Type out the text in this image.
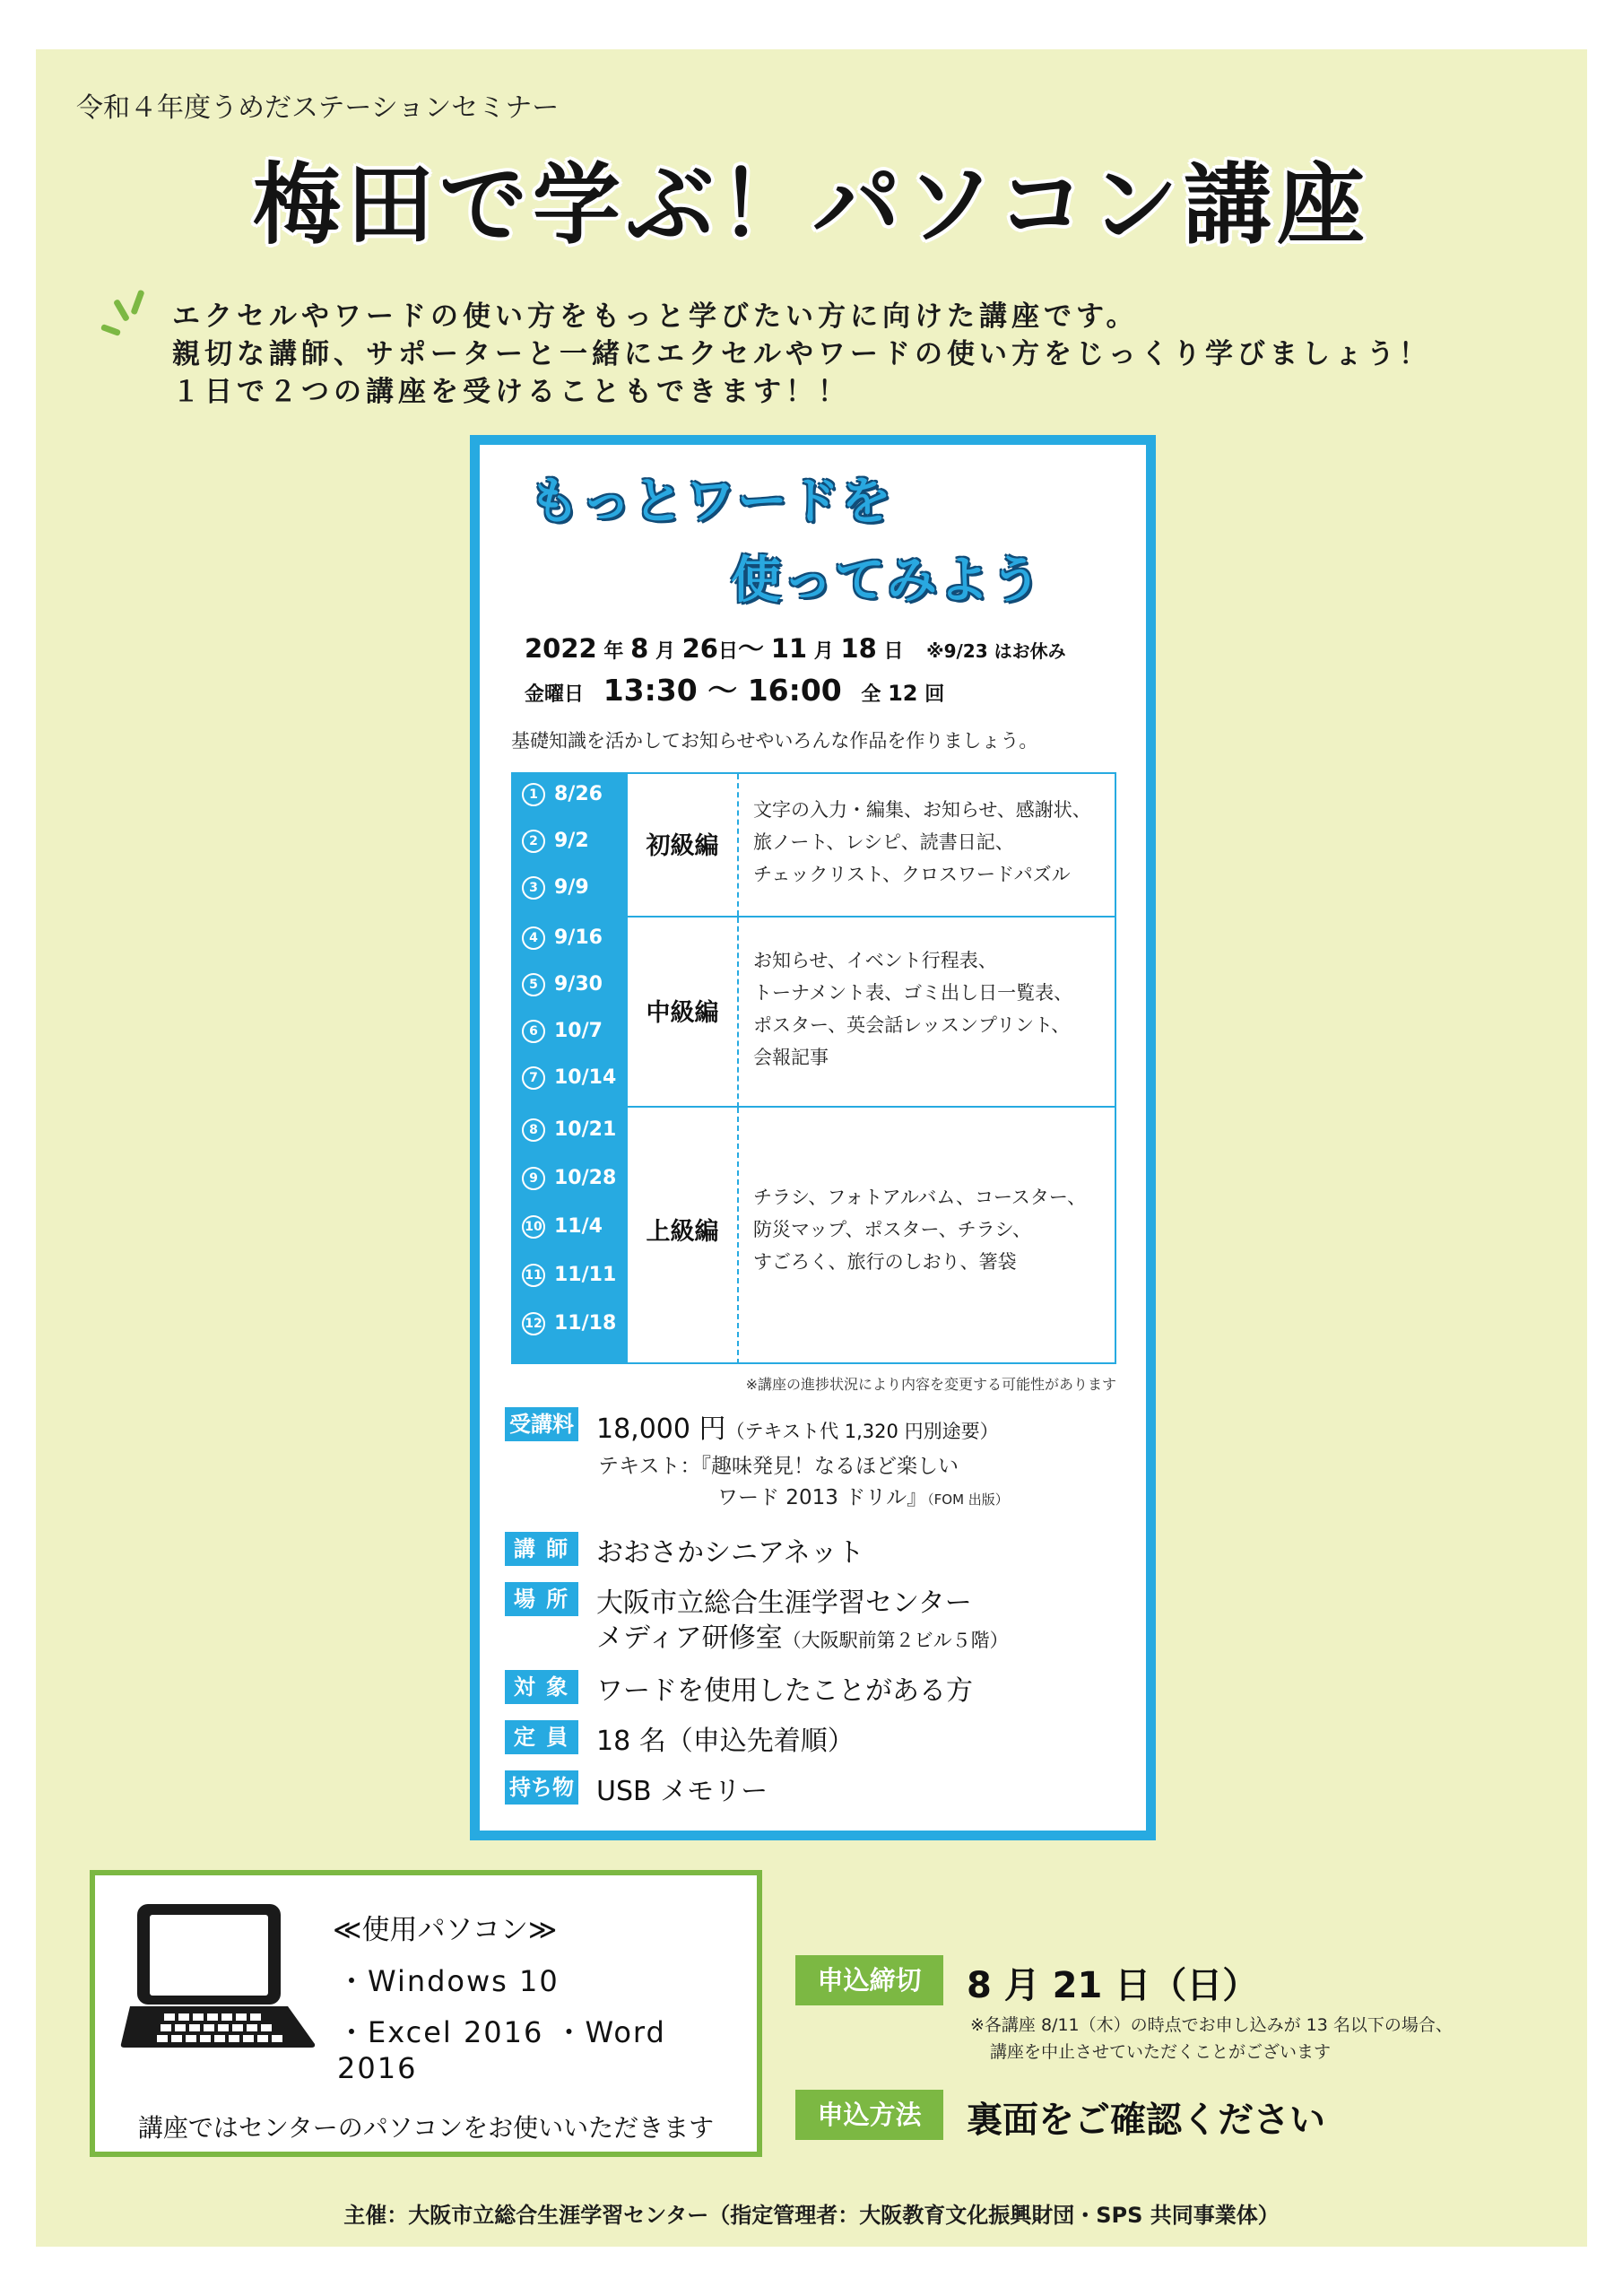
令和４年度うめだステーションセミナー
梅田で学ぶ！パソコン講座
エクセルやワードの使い方をもっと学びたい方に向けた講座です。
親切な講師、サポーターと一緒にエクセルやワードの使い方をじっくり学びましょう！
１日で２つの講座を受けることもできます！！
もっとワードを
使ってみよう
2022 年 8 月 26日～ 11 月 18 日 ※9/23 はお休み
金曜日 13:30 〜 16:00 全 12 回
基礎知識を活かしてお知らせやいろんな作品を作りましょう。
1 8/26
2 9/2
3 9/9
初級編
文字の入力・編集、お知らせ、感謝状、
旅ノート、レシピ、読書日記、
チェックリスト、クロスワードパズル
4 9/16
5 9/30
6 10/7
7 10/14
中級編
お知らせ、イベント行程表、
トーナメント表、ゴミ出し日一覧表、
ポスター、英会話レッスンプリント、
会報記事
8 10/21
9 10/28
10 11/4
11 11/11
12 11/18
上級編
チラシ、フォトアルバム、コースター、
防災マップ、ポスター、チラシ、
すごろく、旅行のしおり、箸袋
※講座の進捗状況により内容を変更する可能性があります
受講料 18,000 円（テキスト代 1,320 円別途要）
テキスト：『趣味発見！なるほど楽しい
ワード 2013 ドリル』（FOM 出版）
講 師 おおさかシニアネット
場 所 大阪市立総合生涯学習センター
メディア研修室（大阪駅前第２ビル５階）
対 象 ワードを使用したことがある方
定 員 18 名（申込先着順）
持ち物 USB メモリー
≪使用パソコン≫
・Windows 10
・Excel 2016 ・Word 2016
講座ではセンターのパソコンをお使いいただきます
申込締切	8 月 21 日（日）
※各講座 8/11（木）の時点でお申し込みが 13 名以下の場合、
講座を中止させていただくことがございます
申込方法	裏面をご確認ください
主催：大阪市立総合生涯学習センター（指定管理者：大阪教育文化振興財団・SPS 共同事業体）
